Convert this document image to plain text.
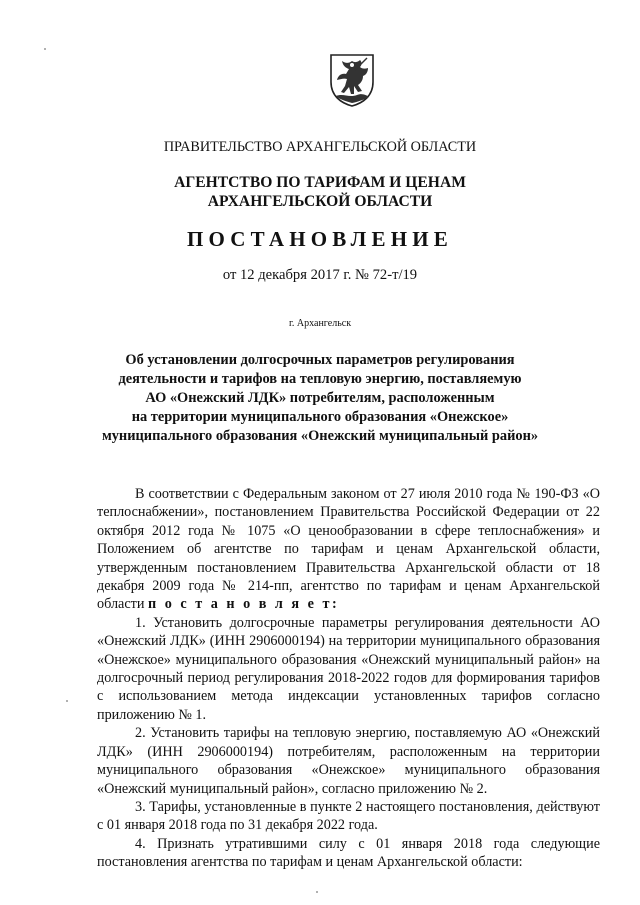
ПРАВИТЕЛЬСТВО АРХАНГЕЛЬСКОЙ ОБЛАСТИ
АГЕНТСТВО ПО ТАРИФАМ И ЦЕНАМ
АРХАНГЕЛЬСКОЙ ОБЛАСТИ
ПОСТАНОВЛЕНИЕ
от 12 декабря 2017 г. № 72-т/19
г. Архангельск
Об установлении долгосрочных параметров регулирования
деятельности и тарифов на тепловую энергию, поставляемую
АО «Онежский ЛДК» потребителям, расположенным
на территории муниципального образования «Онежское»
муниципального образования «Онежский муниципальный район»

В соответствии с Федеральным законом от 27 июля 2010 года № 190-ФЗ «О теплоснабжении», постановлением Правительства Российской Федерации от 22 октября 2012 года № 1075 «О ценообразовании в сфере теплоснабжения» и Положением об агентстве по тарифам и ценам Архангельской области, утвержденным постановлением Правительства Архангельской области от 18 декабря 2009 года № 214-пп, агентство по тарифам и ценам Архангельской области п о с т а н о в л я е т:

1. Установить долгосрочные параметры регулирования деятельности АО «Онежский ЛДК» (ИНН 2906000194) на территории муниципального образования «Онежское» муниципального образования «Онежский муниципальный район» на долгосрочный период регулирования 2018-2022 годов для формирования тарифов с использованием метода индексации установленных тарифов согласно приложению № 1.

2. Установить тарифы на тепловую энергию, поставляемую АО «Онежский ЛДК» (ИНН 2906000194) потребителям, расположенным на территории муниципального образования «Онежское» муниципального образования «Онежский муниципальный район», согласно приложению № 2.

3. Тарифы, установленные в пункте 2 настоящего постановления, действуют с 01 января 2018 года по 31 декабря 2022 года.

4. Признать утратившими силу с 01 января 2018 года следующие постановления агентства по тарифам и ценам Архангельской области:
